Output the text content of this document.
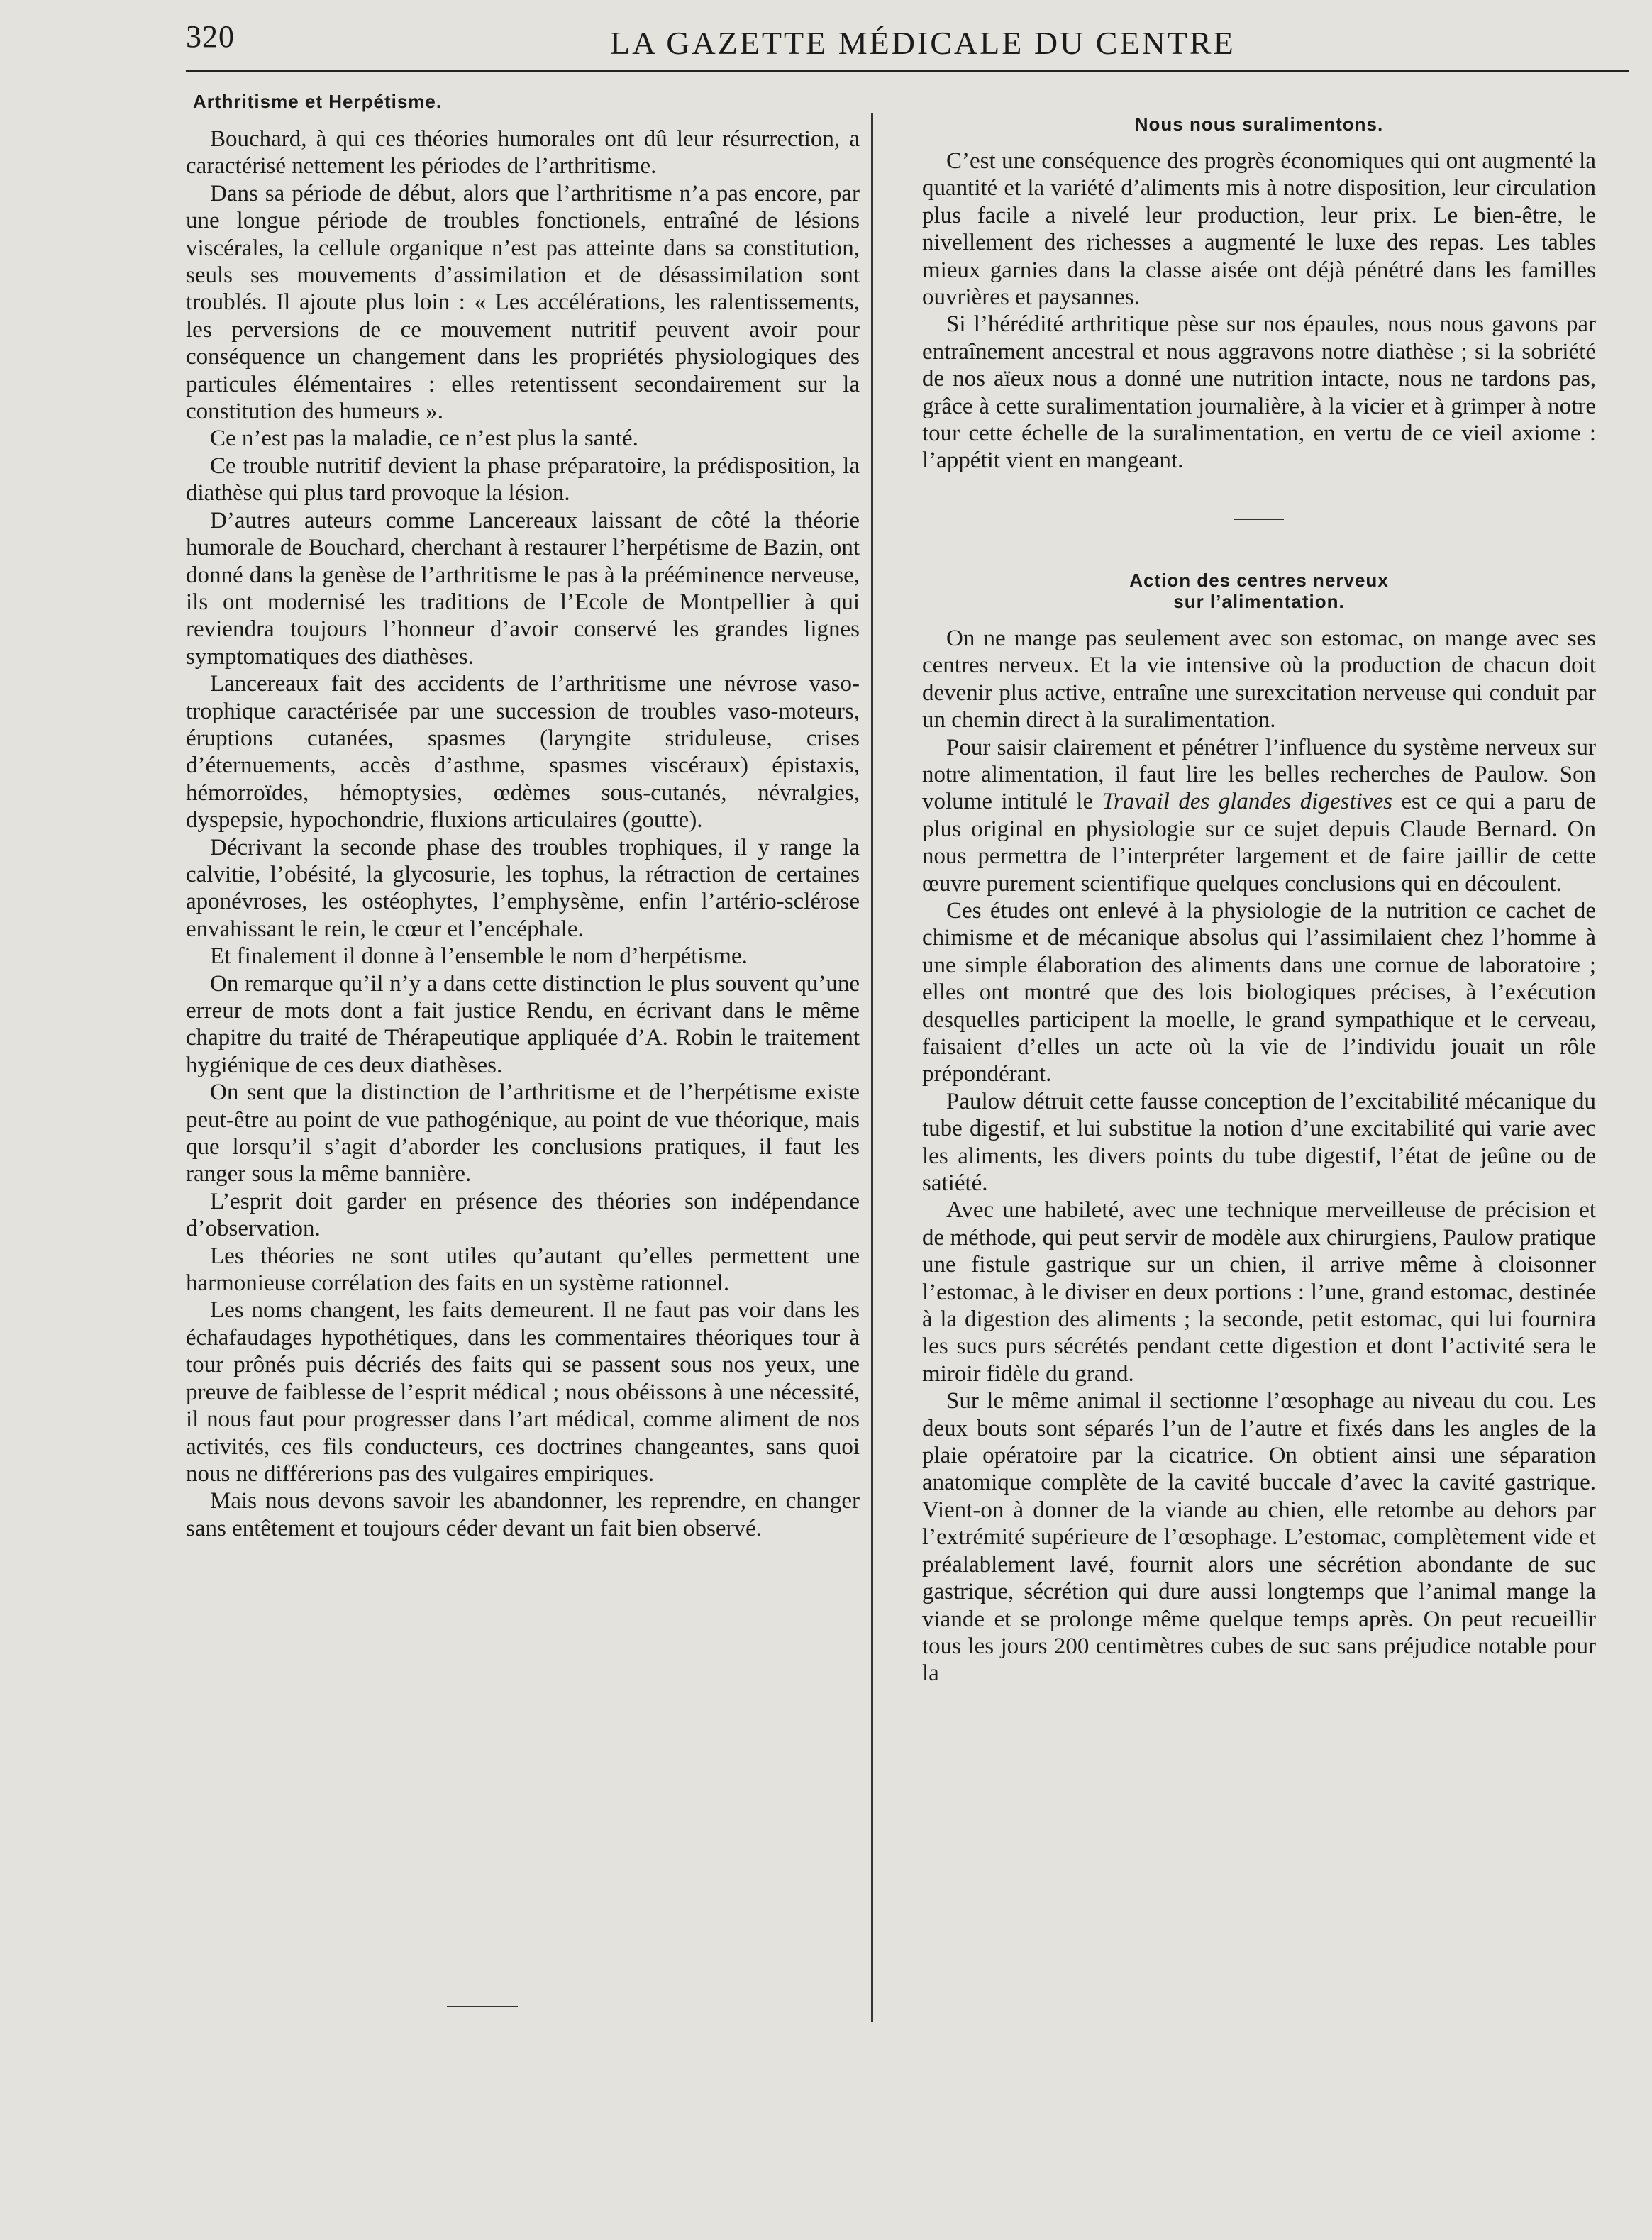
320	LA GAZETTE MÉDICALE DU CENTRE
Arthritisme et Herpétisme.

Bouchard, à qui ces théories humorales ont dû leur résurrection, a caractérisé nettement les périodes de l’arthritisme.

Dans sa période de début, alors que l’arthritisme n’a pas encore, par une longue période de troubles fonctionels, entraîné de lésions viscérales, la cellule organique n’est pas atteinte dans sa constitution, seuls ses mouvements d’assimilation et de désassimilation sont troublés. Il ajoute plus loin : « Les accélérations, les ralentissements, les perversions de ce mouvement nutritif peuvent avoir pour conséquence un changement dans les propriétés physiologiques des particules élémentaires : elles retentissent secondairement sur la constitution des humeurs ».

Ce n’est pas la maladie, ce n’est plus la santé.

Ce trouble nutritif devient la phase préparatoire, la prédisposition, la diathèse qui plus tard provoque la lésion.

D’autres auteurs comme Lancereaux laissant de côté la théorie humorale de Bouchard, cherchant à restaurer l’herpétisme de Bazin, ont donné dans la genèse de l’arthritisme le pas à la prééminence nerveuse, ils ont modernisé les traditions de l’Ecole de Montpellier à qui reviendra toujours l’honneur d’avoir conservé les grandes lignes symptomatiques des diathèses.

Lancereaux fait des accidents de l’arthritisme une névrose vaso-trophique caractérisée par une succession de troubles vaso-moteurs, éruptions cutanées, spasmes (laryngite striduleuse, crises d’éternuements, accès d’asthme, spasmes viscéraux) épistaxis, hémorroïdes, hémoptysies, œdèmes sous-cutanés, névralgies, dyspepsie, hypochondrie, fluxions articulaires (goutte).

Décrivant la seconde phase des troubles trophiques, il y range la calvitie, l’obésité, la glycosurie, les tophus, la rétraction de certaines aponévroses, les ostéophytes, l’emphysème, enfin l’artério-sclérose envahissant le rein, le cœur et l’encéphale.

Et finalement il donne à l’ensemble le nom d’herpétisme.

On remarque qu’il n’y a dans cette distinction le plus souvent qu’une erreur de mots dont a fait justice Rendu, en écrivant dans le même chapitre du traité de Thérapeutique appliquée d’A. Robin le traitement hygiénique de ces deux diathèses.

On sent que la distinction de l’arthritisme et de l’herpétisme existe peut-être au point de vue pathogénique, au point de vue théorique, mais que lorsqu’il s’agit d’aborder les conclusions pratiques, il faut les ranger sous la même bannière.

L’esprit doit garder en présence des théories son indépendance d’observation.

Les théories ne sont utiles qu’autant qu’elles permettent une harmonieuse corrélation des faits en un système rationnel.

Les noms changent, les faits demeurent. Il ne faut pas voir dans les échafaudages hypothétiques, dans les commentaires théoriques tour à tour prônés puis décriés des faits qui se passent sous nos yeux, une preuve de faiblesse de l’esprit médical ; nous obéissons à une nécessité, il nous faut pour progresser dans l’art médical, comme aliment de nos activités, ces fils conducteurs, ces doctrines changeantes, sans quoi nous ne différerions pas des vulgaires empiriques.

Mais nous devons savoir les abandonner, les reprendre, en changer sans entêtement et toujours céder devant un fait bien observé.

Nous nous suralimentons.

C’est une conséquence des progrès économiques qui ont augmenté la quantité et la variété d’aliments mis à notre disposition, leur circulation plus facile a nivelé leur production, leur prix. Le bien-être, le nivellement des richesses a augmenté le luxe des repas. Les tables mieux garnies dans la classe aisée ont déjà pénétré dans les familles ouvrières et paysannes.

Si l’hérédité arthritique pèse sur nos épaules, nous nous gavons par entraînement ancestral et nous aggravons notre diathèse ; si la sobriété de nos aïeux nous a donné une nutrition intacte, nous ne tardons pas, grâce à cette suralimentation journalière, à la vicier et à grimper à notre tour cette échelle de la suralimentation, en vertu de ce vieil axiome : l’appétit vient en mangeant.

Action des centres nerveux
sur l’alimentation.

On ne mange pas seulement avec son estomac, on mange avec ses centres nerveux. Et la vie intensive où la production de chacun doit devenir plus active, entraîne une surexcitation nerveuse qui conduit par un chemin direct à la suralimentation.

Pour saisir clairement et pénétrer l’influence du système nerveux sur notre alimentation, il faut lire les belles recherches de Paulow. Son volume intitulé le Travail des glandes digestives est ce qui a paru de plus original en physiologie sur ce sujet depuis Claude Bernard. On nous permettra de l’interpréter largement et de faire jaillir de cette œuvre purement scientifique quelques conclusions qui en découlent.

Ces études ont enlevé à la physiologie de la nutrition ce cachet de chimisme et de mécanique absolus qui l’assimilaient chez l’homme à une simple élaboration des aliments dans une cornue de laboratoire ; elles ont montré que des lois biologiques précises, à l’exécution desquelles participent la moelle, le grand sympathique et le cerveau, faisaient d’elles un acte où la vie de l’individu jouait un rôle prépondérant.

Paulow détruit cette fausse conception de l’excitabilité mécanique du tube digestif, et lui substitue la notion d’une excitabilité qui varie avec les aliments, les divers points du tube digestif, l’état de jeûne ou de satiété.

Avec une habileté, avec une technique merveilleuse de précision et de méthode, qui peut servir de modèle aux chirurgiens, Paulow pratique une fistule gastrique sur un chien, il arrive même à cloisonner l’estomac, à le diviser en deux portions : l’une, grand estomac, destinée à la digestion des aliments ; la seconde, petit estomac, qui lui fournira les sucs purs sécrétés pendant cette digestion et dont l’activité sera le miroir fidèle du grand.

Sur le même animal il sectionne l’œsophage au niveau du cou. Les deux bouts sont séparés l’un de l’autre et fixés dans les angles de la plaie opératoire par la cicatrice. On obtient ainsi une séparation anatomique complète de la cavité buccale d’avec la cavité gastrique. Vient-on à donner de la viande au chien, elle retombe au dehors par l’extrémité supérieure de l’œsophage. L’estomac, complètement vide et préalablement lavé, fournit alors une sécrétion abondante de suc gastrique, sécrétion qui dure aussi longtemps que l’animal mange la viande et se prolonge même quelque temps après. On peut recueillir tous les jours 200 centimètres cubes de suc sans préjudice notable pour la
